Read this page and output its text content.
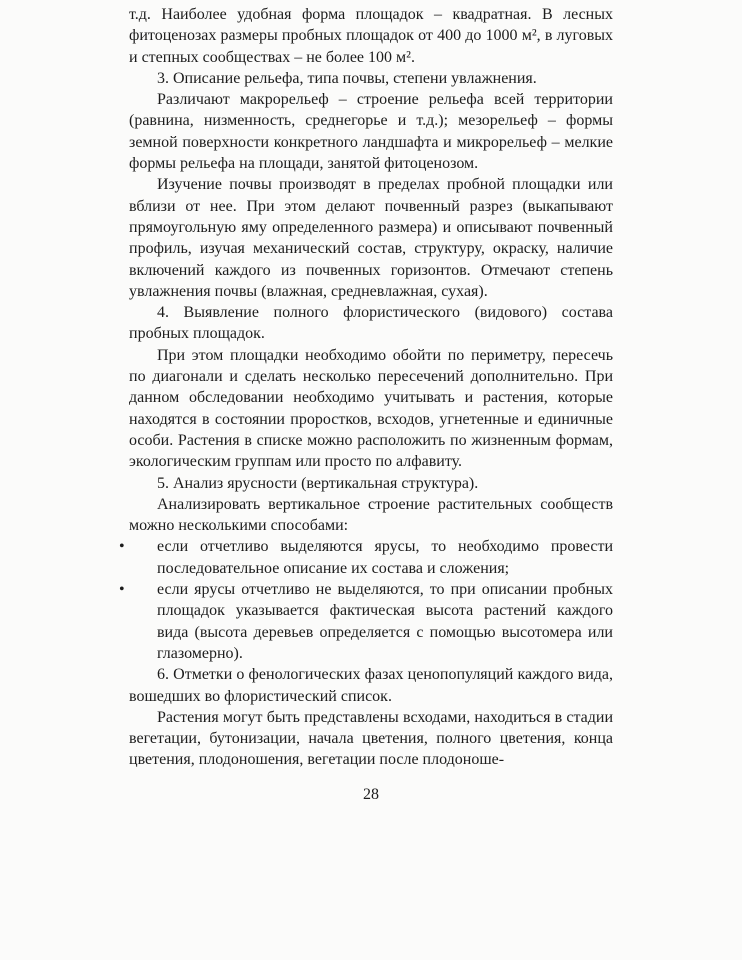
т.д. Наиболее удобная форма площадок – квадратная. В лесных фитоценозах размеры пробных площадок от 400 до 1000 м², в луговых и степных сообществах – не более 100 м².

3. Описание рельефа, типа почвы, степени увлажнения.

Различают макрорельеф – строение рельефа всей территории (равнина, низменность, среднегорье и т.д.); мезорельеф – формы земной поверхности конкретного ландшафта и микрорельеф – мелкие формы рельефа на площади, занятой фитоценозом.

Изучение почвы производят в пределах пробной площадки или вблизи от нее. При этом делают почвенный разрез (выкапывают прямоугольную яму определенного размера) и описывают почвенный профиль, изучая механический состав, структуру, окраску, наличие включений каждого из почвенных горизонтов. Отмечают степень увлажнения почвы (влажная, средневлажная, сухая).

4. Выявление полного флористического (видового) состава пробных площадок.

При этом площадки необходимо обойти по периметру, пересечь по диагонали и сделать несколько пересечений дополнительно. При данном обследовании необходимо учитывать и растения, которые находятся в состоянии проростков, всходов, угнетенные и единичные особи. Растения в списке можно расположить по жизненным формам, экологическим группам или просто по алфавиту.

5. Анализ ярусности (вертикальная структура).

Анализировать вертикальное строение растительных сообществ можно несколькими способами:

• если отчетливо выделяются ярусы, то необходимо провести последовательное описание их состава и сложения;
• если ярусы отчетливо не выделяются, то при описании пробных площадок указывается фактическая высота растений каждого вида (высота деревьев определяется с помощью высотомера или глазомерно).

6. Отметки о фенологических фазах ценопопуляций каждого вида, вошедших во флористический список.

Растения могут быть представлены всходами, находиться в стадии вегетации, бутонизации, начала цветения, полного цветения, конца цветения, плодоношения, вегетации после плодоноше-

28
